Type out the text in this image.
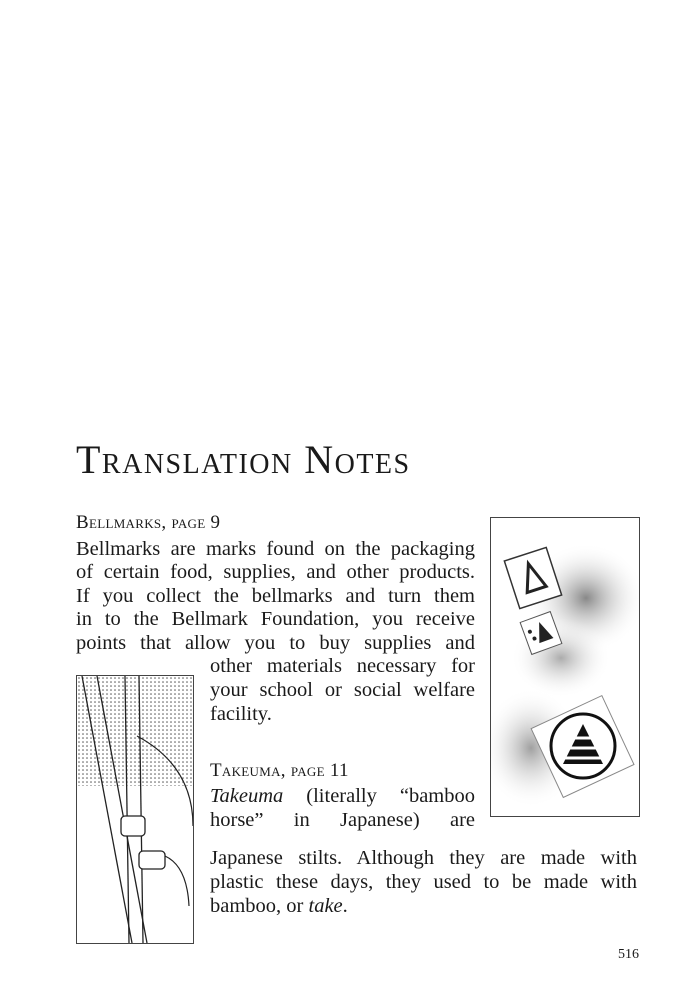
Translation Notes
Bellmarks, page 9
Bellmarks are marks found on the packaging
of certain food, supplies, and other products.
If you collect the bellmarks and turn them
in to the Bellmark Foundation, you receive
points that allow you to buy supplies and
other materials necessary for
your school or social welfare
facility.
Takeuma, page 11
Takeuma (literally “bamboo
horse” in Japanese) are
Japanese stilts. Although they are made with
plastic these days, they used to be made with
bamboo, or take.
516
